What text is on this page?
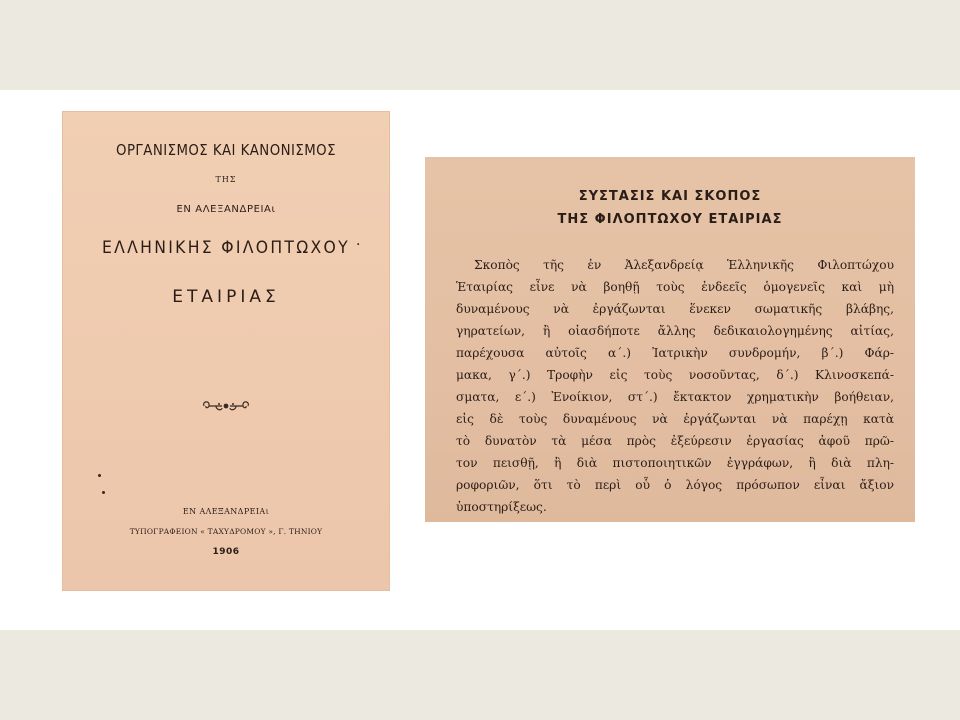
ΟΡΓΑΝΙΣΜΟΣ ΚΑΙ ΚΑΝΟΝΙΣΜΟΣ
ΤΗΣ
ΕΝ ΑΛΕΞΑΝΔΡΕΙΑι
ΕΛΛΗΝΙΚΗΣ ΦΙΛΟΠΤΩΧΟΥ ·
ΕΤΑΙΡΙΑΣ
ΕΝ ΑΛΕΞΑΝΔΡΕΙΑι
ΤΥΠΟΓΡΑΦΕΙΟΝ « ΤΑΧΥΔΡΟΜΟΥ », Γ. ΤΗΝΙΟΥ
1906
ΣΥΣΤΑΣΙΣ ΚΑΙ ΣΚΟΠΟΣ
ΤΗΣ ΦΙΛΟΠΤΩΧΟΥ ΕΤΑΙΡΙΑΣ
Σκοπὸς τῆς ἐν Ἀλεξανδρείᾳ Ἑλληνικῆς Φιλοπτώχου
Ἑταιρίας εἶνε νὰ βοηθῇ τοὺς ἐνδεεῖς ὁμογενεῖς καὶ μὴ
δυναμένους νὰ ἐργάζωνται ἕνεκεν σωματικῆς βλάβης,
γηρατείων, ἢ οἱασδήποτε ἄλλης δεδικαιολογημένης αἰτίας,
παρέχουσα αὐτοῖς α΄.) Ἰατρικὴν συνδρομήν, β΄.) Φάρ-
μακα, γ΄.) Τροφὴν εἰς τοὺς νοσοῦντας, δ΄.) Κλινοσκεπά-
σματα, ε΄.) Ἐνοίκιον, στ΄.) ἔκτακτον χρηματικὴν βοήθειαν,
εἰς δὲ τοὺς δυναμένους νὰ ἐργάζωνται νὰ παρέχῃ κατὰ
τὸ δυνατὸν τὰ μέσα πρὸς ἐξεύρεσιν ἐργασίας ἀφοῦ πρῶ-
τον πεισθῇ, ἢ διὰ πιστοποιητικῶν ἐγγράφων, ἢ διὰ πλη-
ροφοριῶν, ὅτι τὸ περὶ οὗ ὁ λόγος πρόσωπον εἶναι ἄξιον
ὑποστηρίξεως.
